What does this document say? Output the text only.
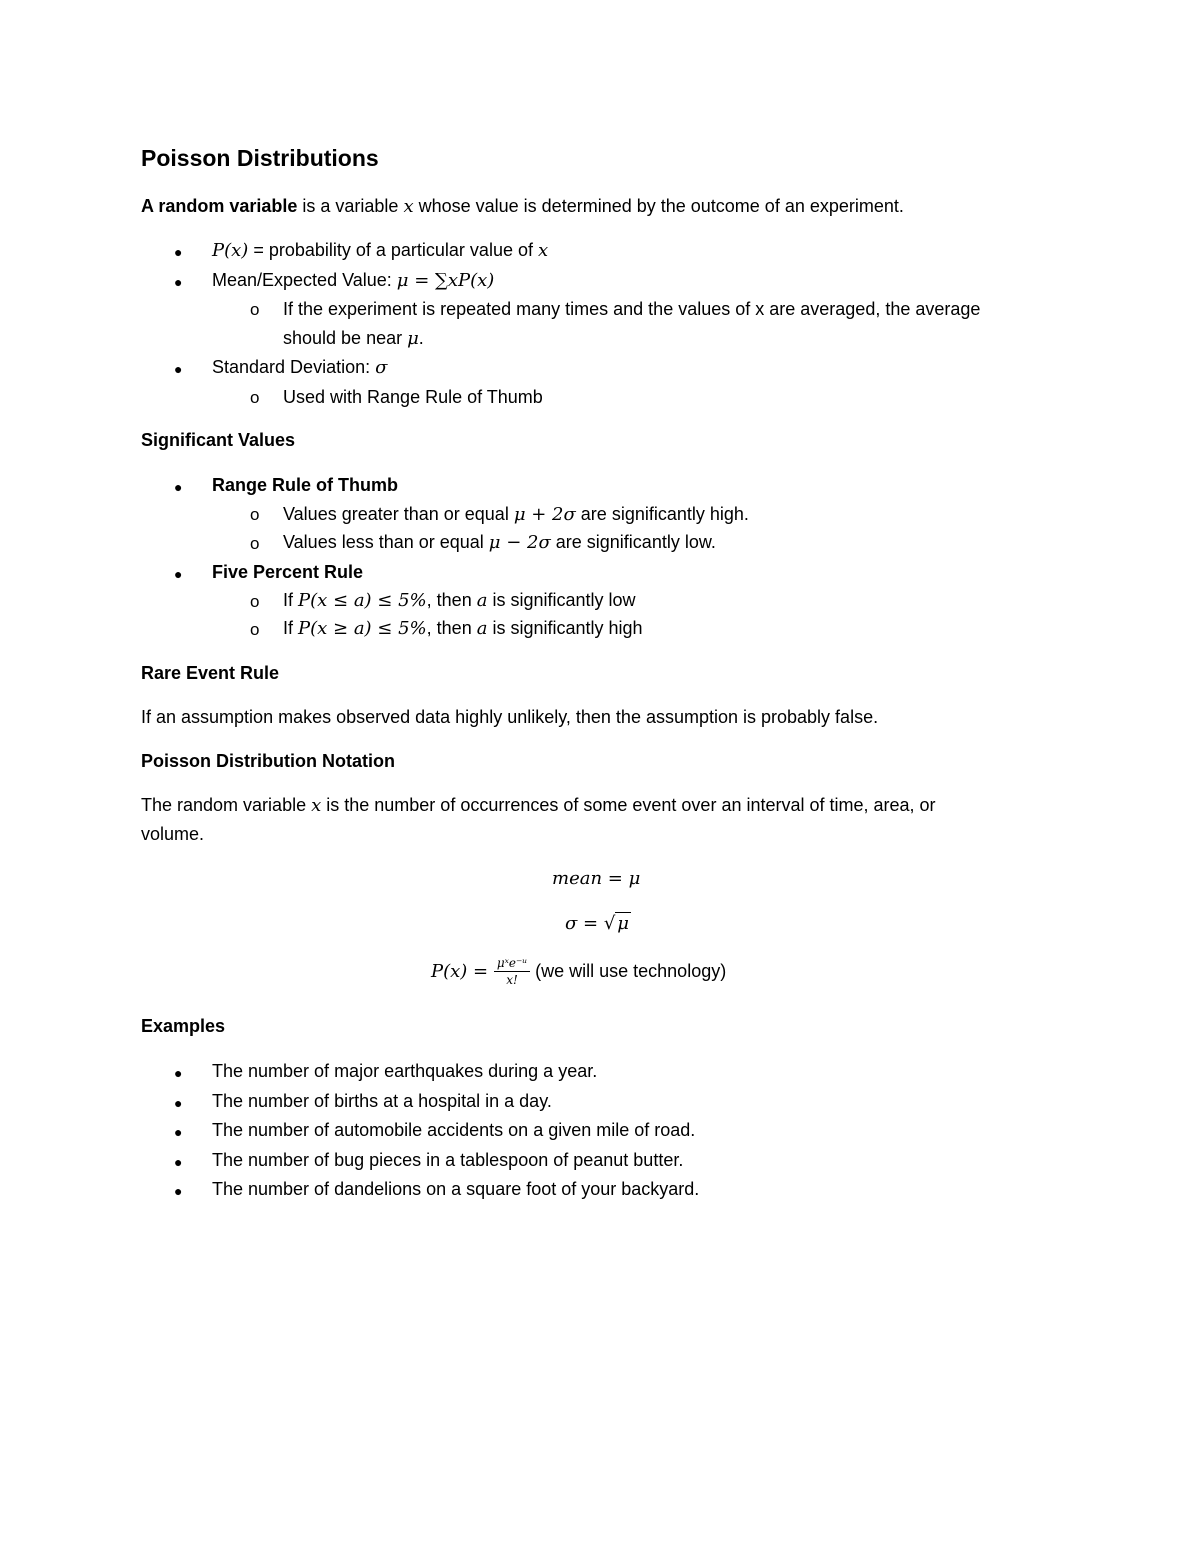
Poisson Distributions
A random variable is a variable x whose value is determined by the outcome of an experiment.
● P(x) = probability of a particular value of x
● Mean/Expected Value: μ = ∑xP(x)
o If the experiment is repeated many times and the values of x are averaged, the average
should be near μ.
● Standard Deviation: σ
o Used with Range Rule of Thumb
Significant Values
● Range Rule of Thumb
o Values greater than or equal μ + 2σ are significantly high.
o Values less than or equal μ − 2σ are significantly low.
● Five Percent Rule
o If P(x ≤ a) ≤ 5%, then a is significantly low
o If P(x ≥ a) ≤ 5%, then a is significantly high
Rare Event Rule
If an assumption makes observed data highly unlikely, then the assumption is probably false.
Poisson Distribution Notation
The random variable x is the number of occurrences of some event over an interval of time, area, or
volume.
mean = μ
σ = √ μ
$P(x) = \frac{\text{μˣe⁻ᵘ}}{x!} (we$ will use technology)
Examples
● The number of major earthquakes during a year.
● The number of births at a hospital in a day.
● The number of automobile accidents on a given mile of road.
● The number of bug pieces in a tablespoon of peanut butter.
● The number of dandelions on a square foot of your backyard.
